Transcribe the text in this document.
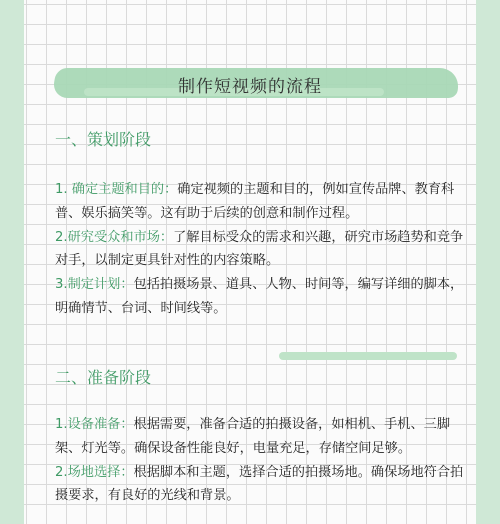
制作短视频的流程
一、策划阶段

1. 确定主题和目的：确定视频的主题和目的，例如宣传品牌、教育科普、娱乐搞笑等。这有助于后续的创意和制作过程。

2.研究受众和市场：了解目标受众的需求和兴趣，研究市场趋势和竞争对手，以制定更具针对性的内容策略。

3.制定计划：包括拍摄场景、道具、人物、时间等，编写详细的脚本，明确情节、台词、时间线等。

二、准备阶段

1.设备准备：根据需要，准备合适的拍摄设备，如相机、手机、三脚架、灯光等。确保设备性能良好，电量充足，存储空间足够。

2.场地选择：根据脚本和主题，选择合适的拍摄场地。确保场地符合拍摄要求，有良好的光线和背景。
